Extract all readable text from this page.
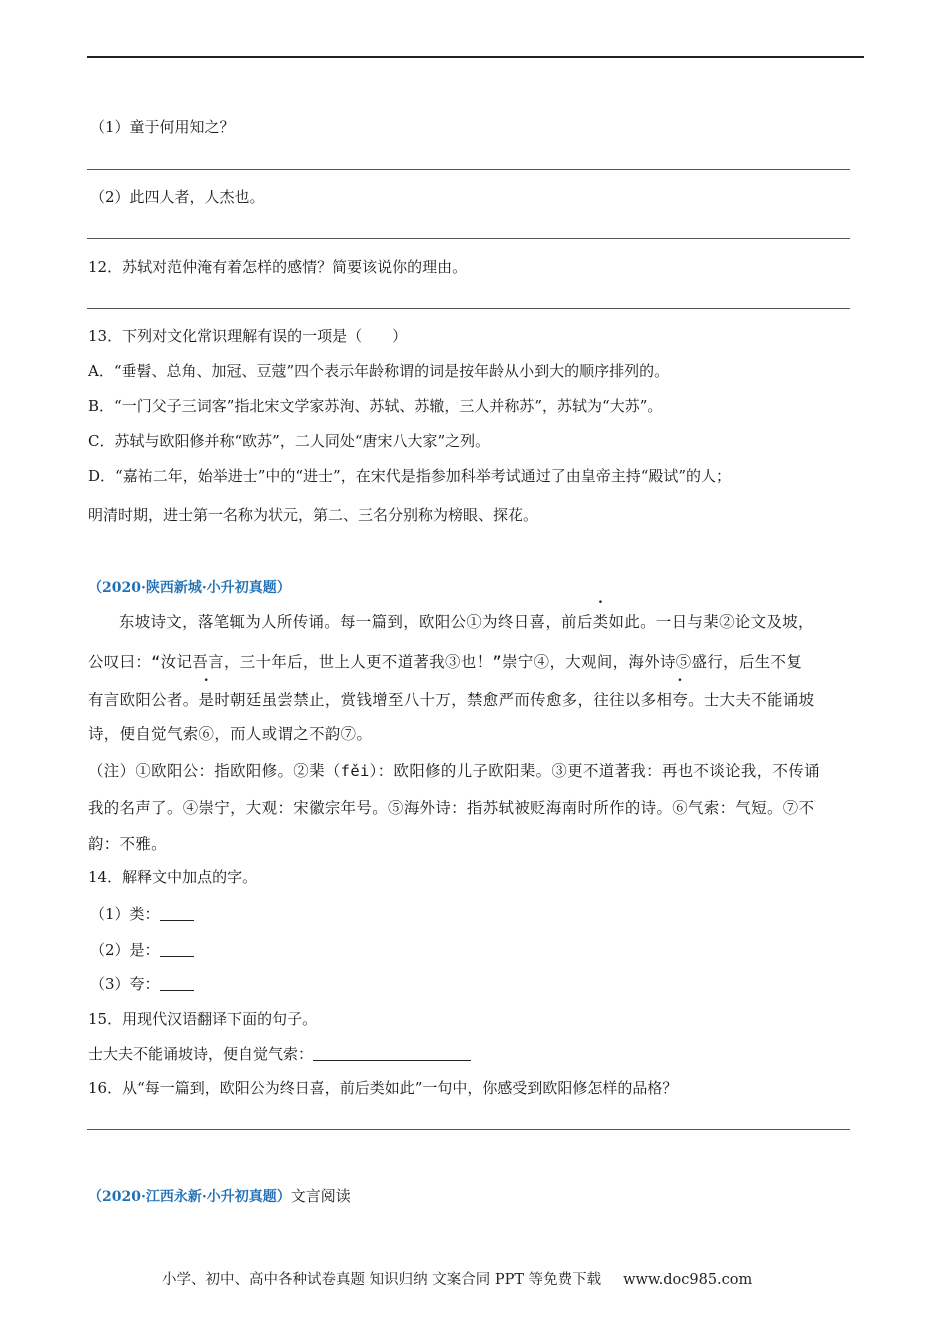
（1）童于何用知之？
（2）此四人者，人杰也。
12．苏轼对范仲淹有着怎样的感情？简要该说你的理由。
13．下列对文化常识理解有误的一项是（　　）
A．“垂髫、总角、加冠、豆蔻”四个表示年龄称谓的词是按年龄从小到大的顺序排列的。
B．“一门父子三词客”指北宋文学家苏洵、苏轼、苏辙，三人并称苏”，苏轼为“大苏”。
C．苏轼与欧阳修并称“欧苏”，二人同处“唐宋八大家”之列。
D．“嘉祐二年，始举进士”中的“进士”，在宋代是指参加科举考试通过了由皇帝主持“殿试”的人；
明清时期，进士第一名称为状元，第二、三名分别称为榜眼、探花。
（2020·陕西新城·小升初真题）
东坡诗文，落笔辄为人所传诵。每一篇到，欧阳公①为终日喜，前后类如此。一日与棐②论文及坡，
公叹曰：“汝记吾言，三十年后，世上人更不道著我③也！”崇宁④，大观间，海外诗⑤盛行，后生不复
有言欧阳公者。是时朝廷虽尝禁止，赏钱增至八十万，禁愈严而传愈多，往往以多相夸。士大夫不能诵坡
诗，便自觉气索⑥，而人或谓之不韵⑦。
（注）①欧阳公：指欧阳修。②棐（fěi）：欧阳修的儿子欧阳棐。③更不道著我：再也不谈论我，不传诵
我的名声了。④崇宁，大观：宋徽宗年号。⑤海外诗：指苏轼被贬海南时所作的诗。⑥气索：气短。⑦不
韵：不雅。
14．解释文中加点的字。
（1）类：
（2）是：
（3）夸：
15．用现代汉语翻译下面的句子。
士大夫不能诵坡诗，便自觉气索：
16．从“每一篇到，欧阳公为终日喜，前后类如此”一句中，你感受到欧阳修怎样的品格？
（2020·江西永新·小升初真题）文言阅读
小学、初中、高中各种试卷真题 知识归纳 文案合同 PPT 等免费下载 www.doc985.com
